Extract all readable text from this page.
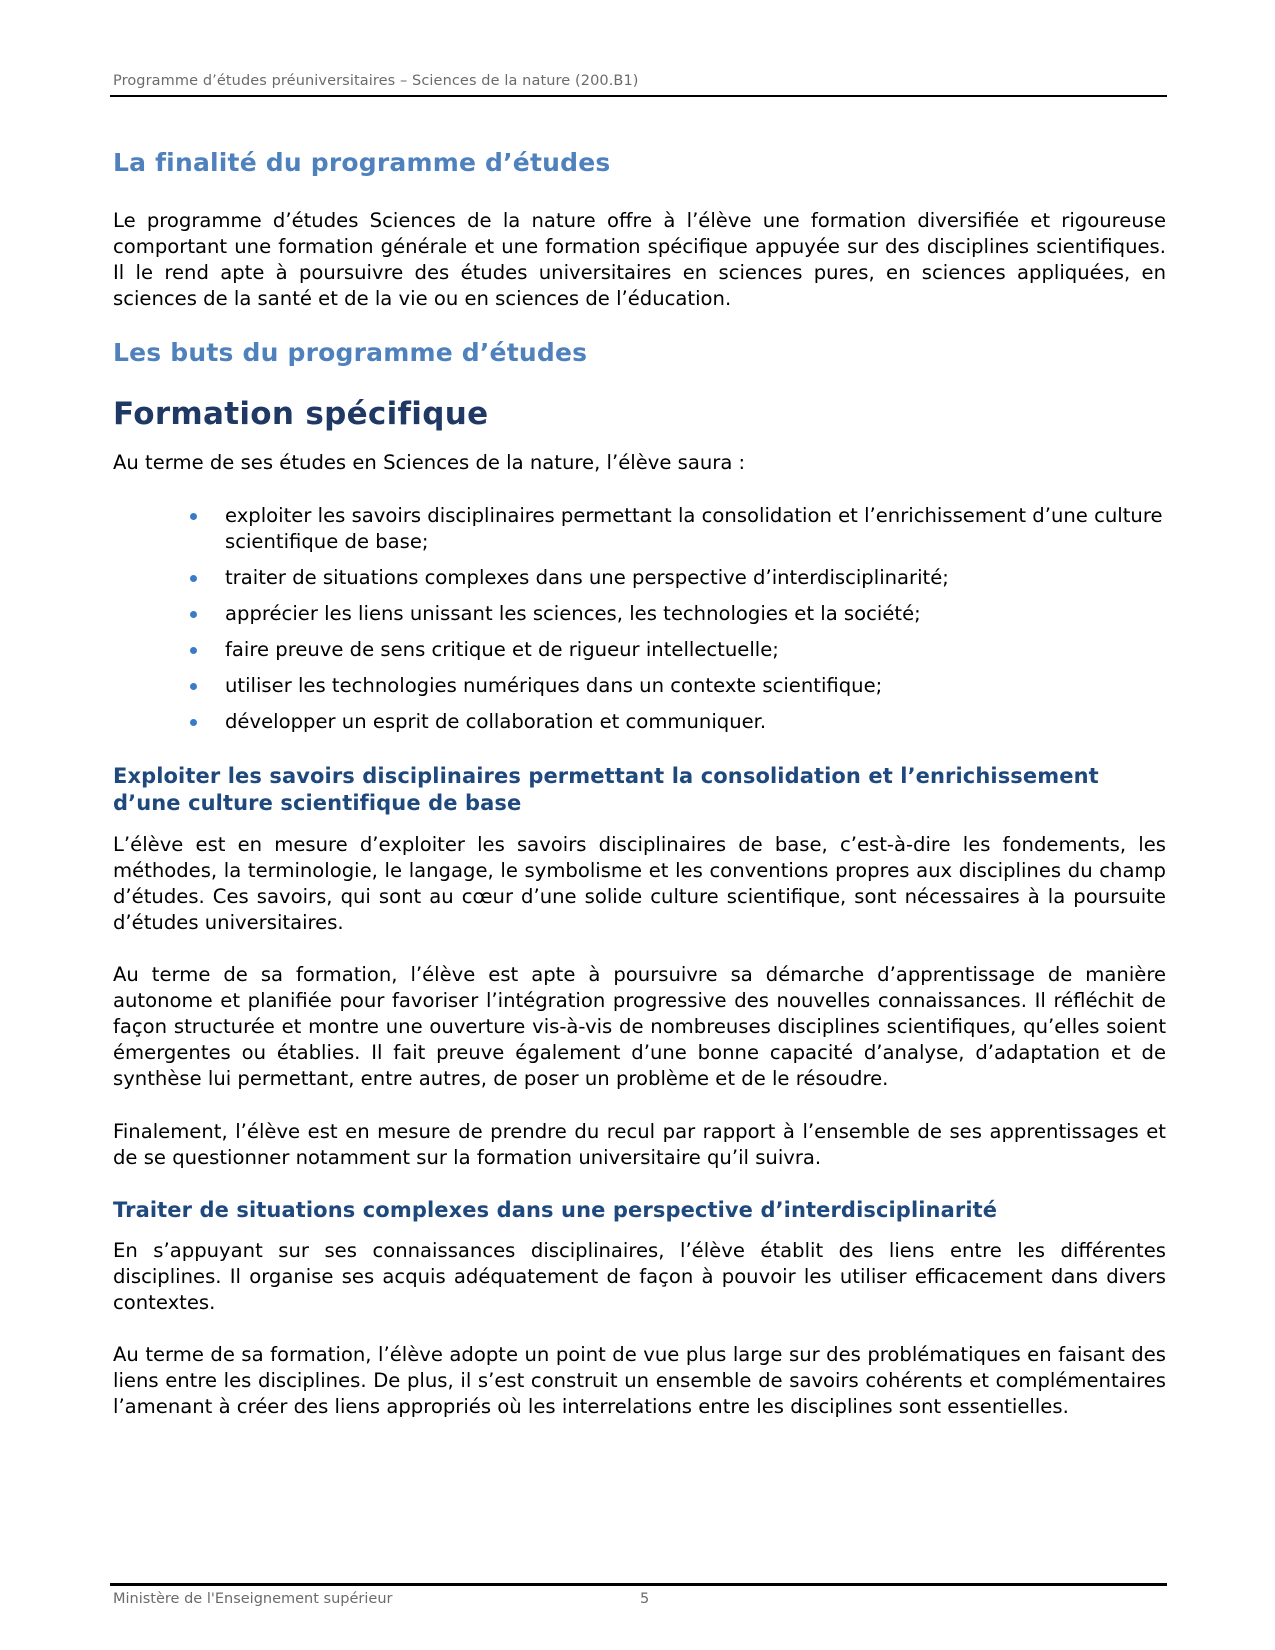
Programme d’études préuniversitaires – Sciences de la nature (200.B1)
La finalité du programme d’études

Le programme d’études Sciences de la nature offre à l’élève une formation diversifiée et rigoureuse comportant une formation générale et une formation spécifique appuyée sur des disciplines scientifiques. Il le rend apte à poursuivre des études universitaires en sciences pures, en sciences appliquées, en sciences de la santé et de la vie ou en sciences de l’éducation.

Les buts du programme d’études
Formation spécifique

Au terme de ses études en Sciences de la nature, l’élève saura :

exploiter les savoirs disciplinaires permettant la consolidation et l’enrichissement d’une culture scientifique de base;
traiter de situations complexes dans une perspective d’interdisciplinarité;
apprécier les liens unissant les sciences, les technologies et la société;
faire preuve de sens critique et de rigueur intellectuelle;
utiliser les technologies numériques dans un contexte scientifique;
développer un esprit de collaboration et communiquer.
Exploiter les savoirs disciplinaires permettant la consolidation et l’enrichissement d’une culture scientifique de base

L’élève est en mesure d’exploiter les savoirs disciplinaires de base, c’est-à-dire les fondements, les méthodes, la terminologie, le langage, le symbolisme et les conventions propres aux disciplines du champ d’études. Ces savoirs, qui sont au cœur d’une solide culture scientifique, sont nécessaires à la poursuite d’études universitaires.

Au terme de sa formation, l’élève est apte à poursuivre sa démarche d’apprentissage de manière autonome et planifiée pour favoriser l’intégration progressive des nouvelles connaissances. Il réfléchit de façon structurée et montre une ouverture vis-à-vis de nombreuses disciplines scientifiques, qu’elles soient émergentes ou établies. Il fait preuve également d’une bonne capacité d’analyse, d’adaptation et de synthèse lui permettant, entre autres, de poser un problème et de le résoudre.

Finalement, l’élève est en mesure de prendre du recul par rapport à l’ensemble de ses apprentissages et de se questionner notamment sur la formation universitaire qu’il suivra.

Traiter de situations complexes dans une perspective d’interdisciplinarité

En s’appuyant sur ses connaissances disciplinaires, l’élève établit des liens entre les différentes disciplines. Il organise ses acquis adéquatement de façon à pouvoir les utiliser efficacement dans divers contextes.

Au terme de sa formation, l’élève adopte un point de vue plus large sur des problématiques en faisant des liens entre les disciplines. De plus, il s’est construit un ensemble de savoirs cohérents et complémentaires l’amenant à créer des liens appropriés où les interrelations entre les disciplines sont essentielles.

Ministère de l'Enseignement supérieur	5
